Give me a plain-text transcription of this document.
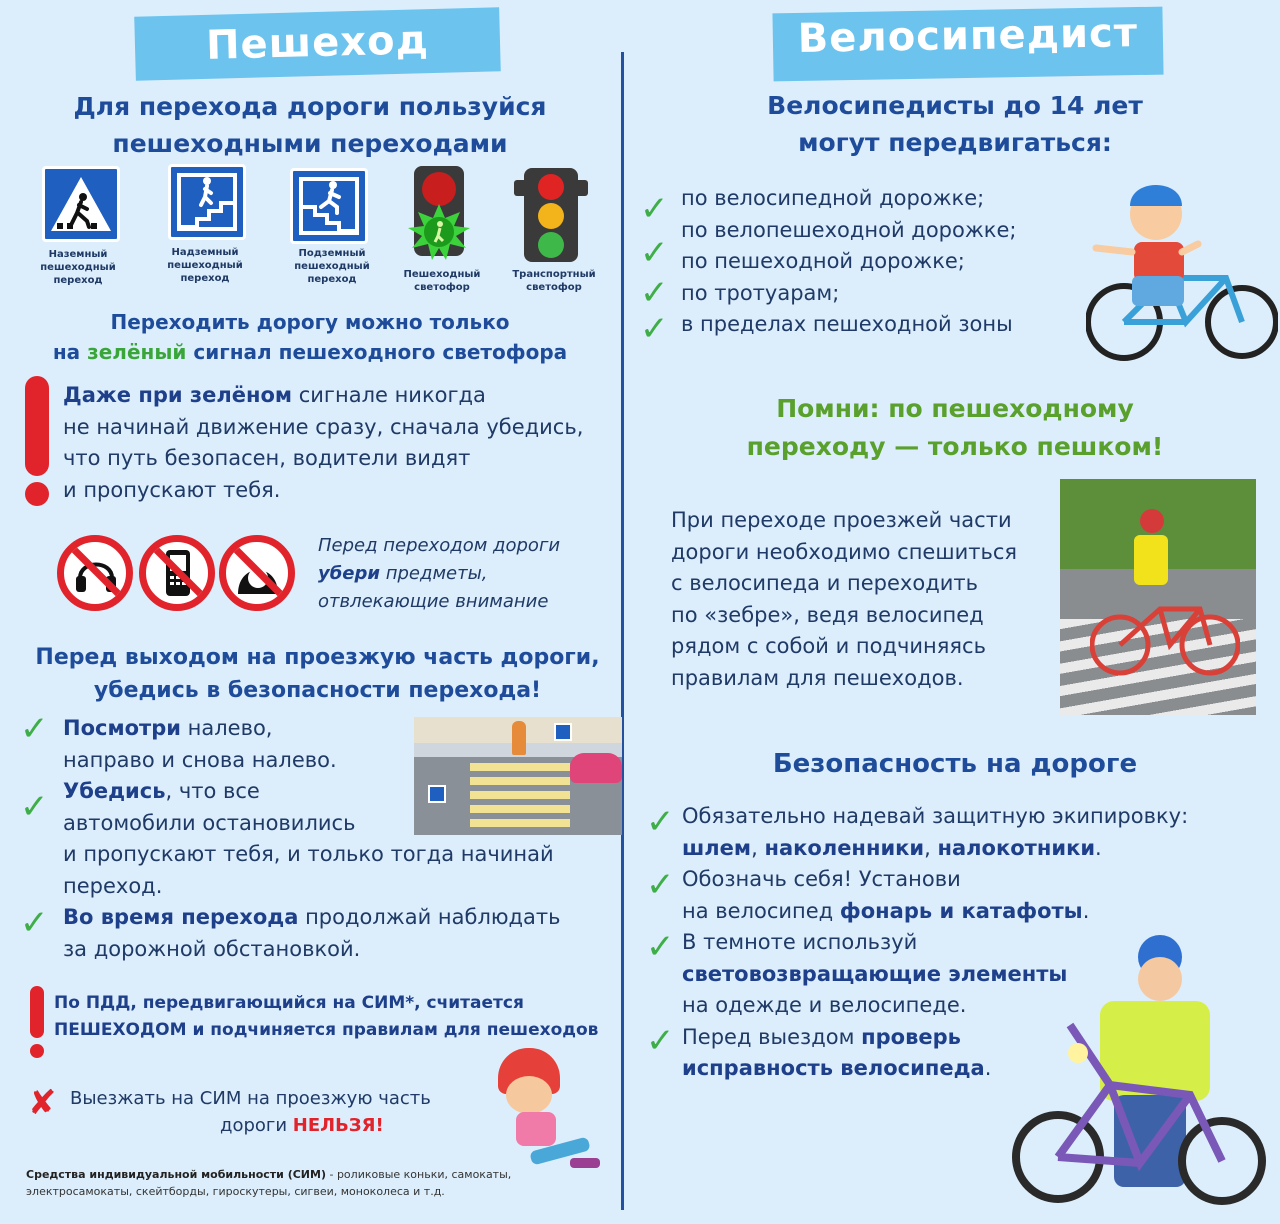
Пешеход	Велосипедист
Для перехода дороги пользуйся
пешеходными переходами
Наземный
пешеходный
переход
Надземный
пешеходный
переход
Подземный
пешеходный
переход	Пешеходный
светофор
Транспортный
светофор
Переходить дорогу можно только
на зелёный сигнал пешеходного светофора
Даже при зелёном сигнале никогда
не начинай движение сразу, сначала убедись,
что путь безопасен, водители видят
и пропускают тебя.
Перед переходом дороги
убери предметы,
отвлекающие внимание
Перед выходом на проезжую часть дороги,
убедись в безопасности перехода!
✓ Посмотри налево,
направо и снова налево.
✓ Убедись, что все
автомобили остановились
и пропускают тебя, и только тогда начинай
переход.
✓ Во время перехода продолжай наблюдать
за дорожной обстановкой.
По ПДД, передвигающийся на СИМ*, считается
ПЕШЕХОДОМ и подчиняется правилам для пешеходов
✘ Выезжать на СИМ на проезжую часть
дороги НЕЛЬЗЯ!
Средства индивидуальной мобильности (СИМ) - роликовые коньки, самокаты,
электросамокаты, скейтборды, гироскутеры, сигвеи, моноколеса и т.д.
Велосипедисты до 14 лет
могут передвигаться:
✓
✓
✓
✓
по велосипедной дорожке;
по велопешеходной дорожке;
по пешеходной дорожке;
по тротуарам;
в пределах пешеходной зоны
Помни: по пешеходному
переходу — только пешком!
При переходе проезжей части
дороги необходимо спешиться
с велосипеда и переходить
по «зебре», ведя велосипед
рядом с собой и подчиняясь
правилам для пешеходов.
Безопасность на дороге
✓
✓
✓
✓
Обязательно надевай защитную экипировку:
шлем, наколенники, налокотники.
Обозначь себя! Установи
на велосипед фонарь и катафоты.
В темноте используй
световозвращающие элементы
на одежде и велосипеде.
Перед выездом проверь
исправность велосипеда.
